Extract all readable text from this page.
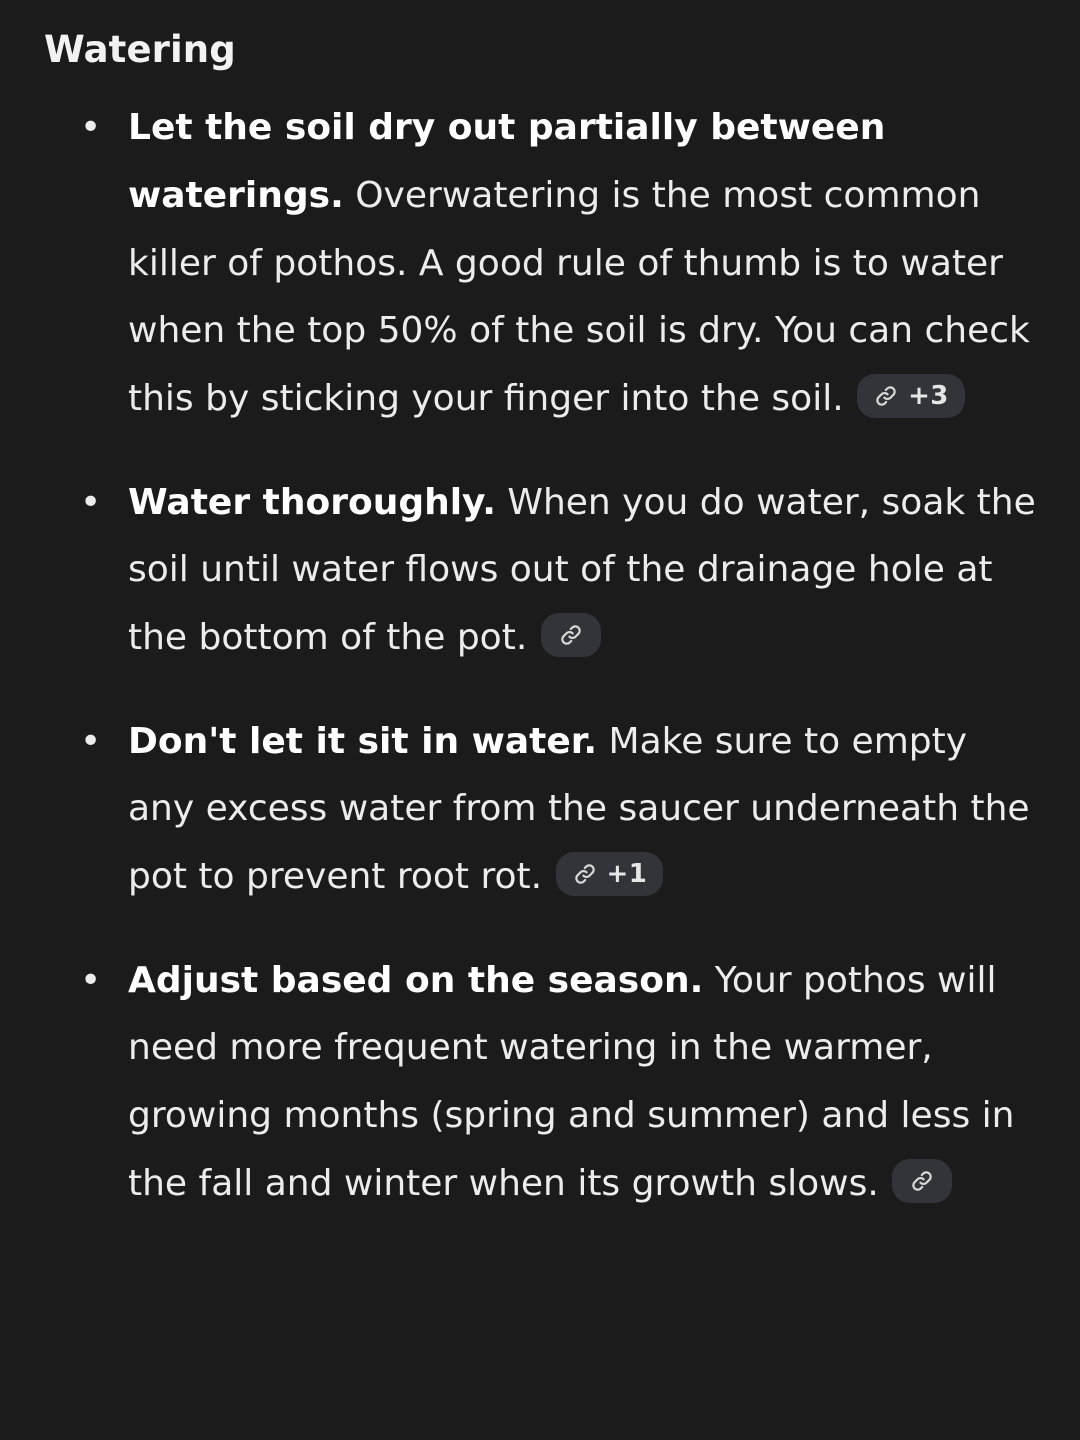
Watering
• Let the soil dry out partially between waterings. Overwatering is the most common killer of pothos. A good rule of thumb is to water when the top 50% of the soil is dry. You can check this by sticking your finger into the soil. +3
• Water thoroughly. When you do water, soak the soil until water flows out of the drainage hole at the bottom of the pot.
• Don't let it sit in water. Make sure to empty any excess water from the saucer underneath the pot to prevent root rot. +1
• Adjust based on the season. Your pothos will need more frequent watering in the warmer, growing months (spring and summer) and less in the fall and winter when its growth slows.
